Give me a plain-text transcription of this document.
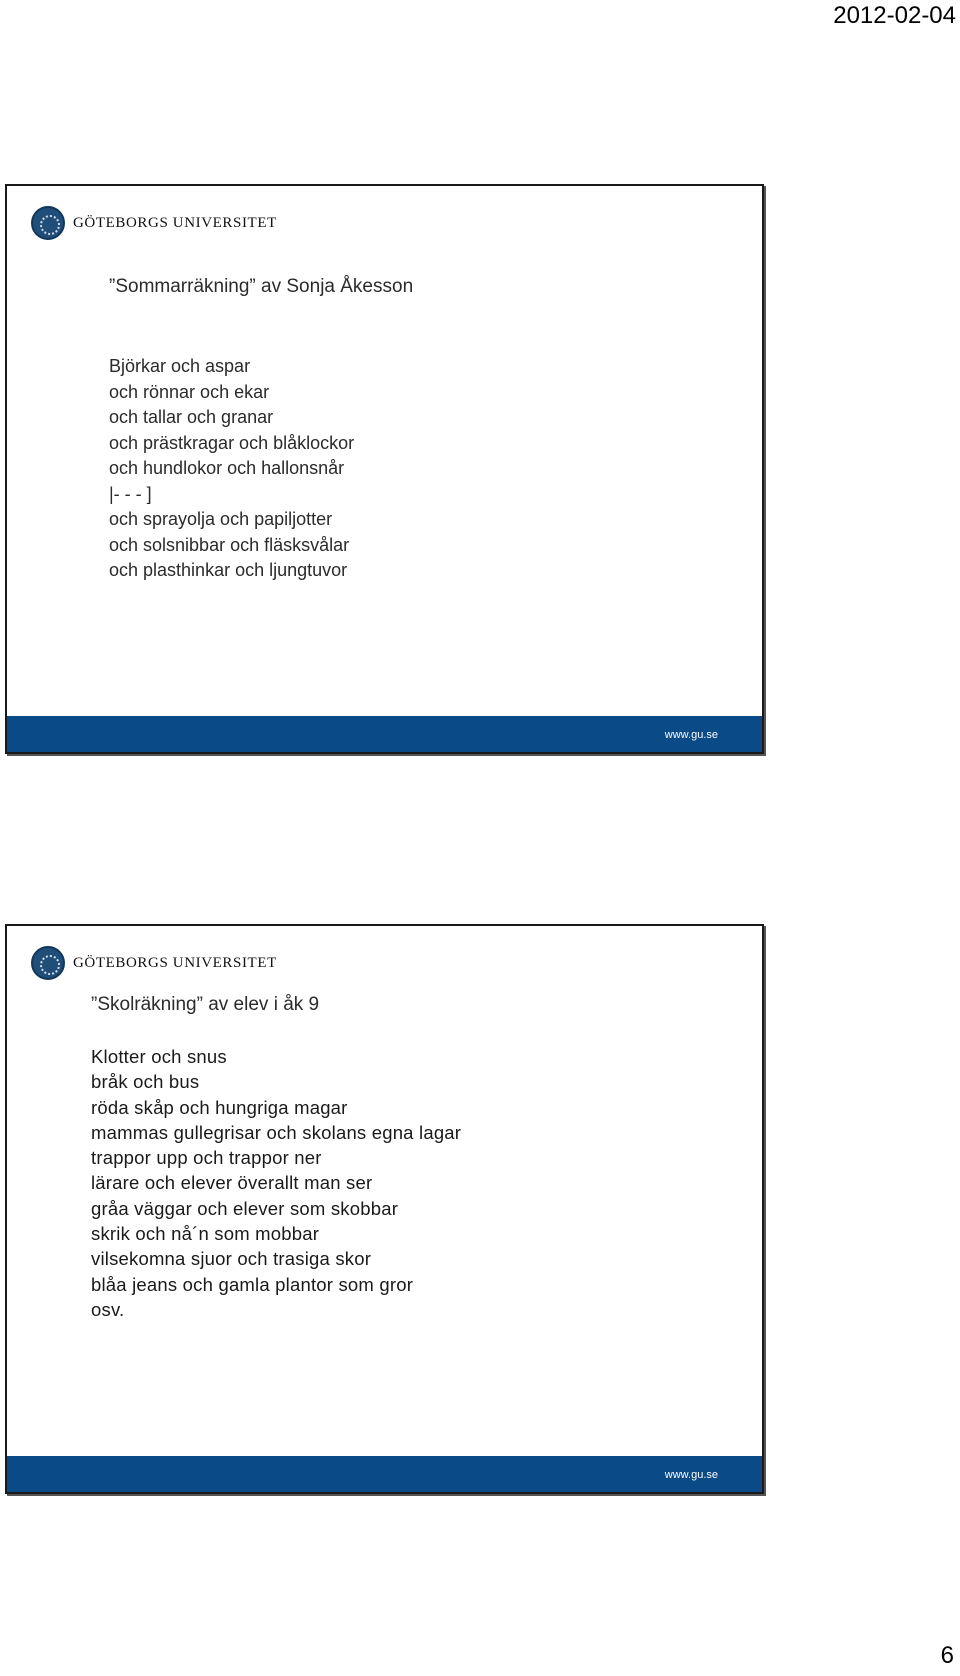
2012-02-04
GÖTEBORGS UNIVERSITET
”Sommarräkning” av Sonja Åkesson
Björkar och aspar
och rönnar och ekar
och tallar och granar
och prästkragar och blåklockor
och hundlokor och hallonsnår
|- - - ]
och sprayolja och papiljotter
och solsnibbar och fläsksvålar
och plasthinkar och ljungtuvor
www.gu.se
GÖTEBORGS UNIVERSITET
”Skolräkning” av elev i åk 9
Klotter och snus
bråk och bus
röda skåp och hungriga magar
mammas gullegrisar och skolans egna lagar
trappor upp och trappor ner
lärare och elever överallt man ser
gråa väggar och elever som skobbar
skrik och nå´n som mobbar
vilsekomna sjuor och trasiga skor
blåa jeans och gamla plantor som gror
osv.
www.gu.se
6
